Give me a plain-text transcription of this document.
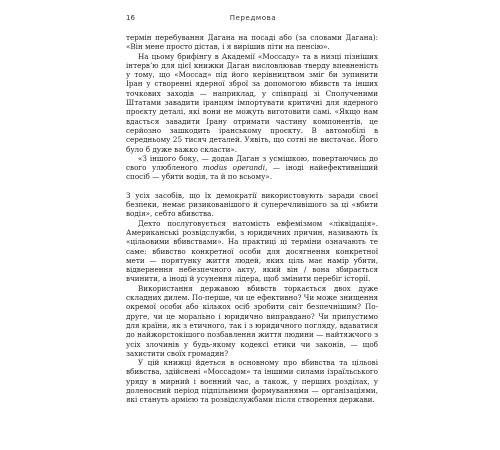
16	Передмова

термін перебування Дагана на посаді або (за словами Дагана): «Він мене просто дістав, і я вирішив піти на пенсію».

На цьому брифінгу в Академії «Моссаду» та в низці пізніших інтерв’ю для цієї книжки Даган висловлював тверду впевненість у тому, що «Моссад» під його керівництвом зміг би зупинити Іран у створенні ядерної зброї за допомогою вбивств та інших точкових заходів — наприклад, у співпраці зі Сполученими Штатами завадити іранцям імпортувати критичні для ядерного проєкту деталі, які вони не можуть виготовити самі. «Якщо нам вдасться завадити Ірану отримати частину компонентів, це серйозно зашкодить іранському проєкту. В автомобілі в середньому 25 тисяч деталей. Уявіть, що сотні не вистачає. Його було б дуже важко скласти».

«З іншого боку, — додав Даган з усмішкою, повертаючись до свого улюбленого modus operandi, — іноді найефективніший спосіб — убити водія, та й по всьому».

З усіх засобів, що їх демократії використовують заради своєї безпеки, немає ризикованішого й суперечливішого за ці «вбити водія», себто вбивства.

Дехто послуговується натомість евфемізмом «ліквідація». Американські розвідслужби, з юридичних причин, називають їх «цільовими вбивствами». На практиці ці терміни означають те саме: вбивство конкретної особи для досягнення конкретної мети — порятунку життя людей, яких ціль має намір убити, відвернення небезпечного акту, який він / вона збирається вчинити, а іноді й усунення лідера, щоб змінити перебіг історії.

Використання державою вбивств торкається двох дуже складних дилем. По-перше, чи це ефективно? Чи може знищення окремої особи або кількох осіб зробити світ безпечнішим? По-друге, чи це морально і юридично виправдано? Чи припустимо для країни, як з етичного, так і з юридичного погляду, вдаватися до найжорстокішого позбавлення життя людини — найтяжчого з усіх злочинів у будь-якому кодексі етики чи законів, — щоб захистити своїх громадян?

У цій книжці йдеться в основному про вбивства та цільові вбивства, здійснені «Моссадом» та іншими силами ізраїльського уряду в мирний і воєнний час, а також, у перших розділах, у доленосний період підпільними формуваннями — організаціями, які стануть армією та розвідслужбами після створення держави.
